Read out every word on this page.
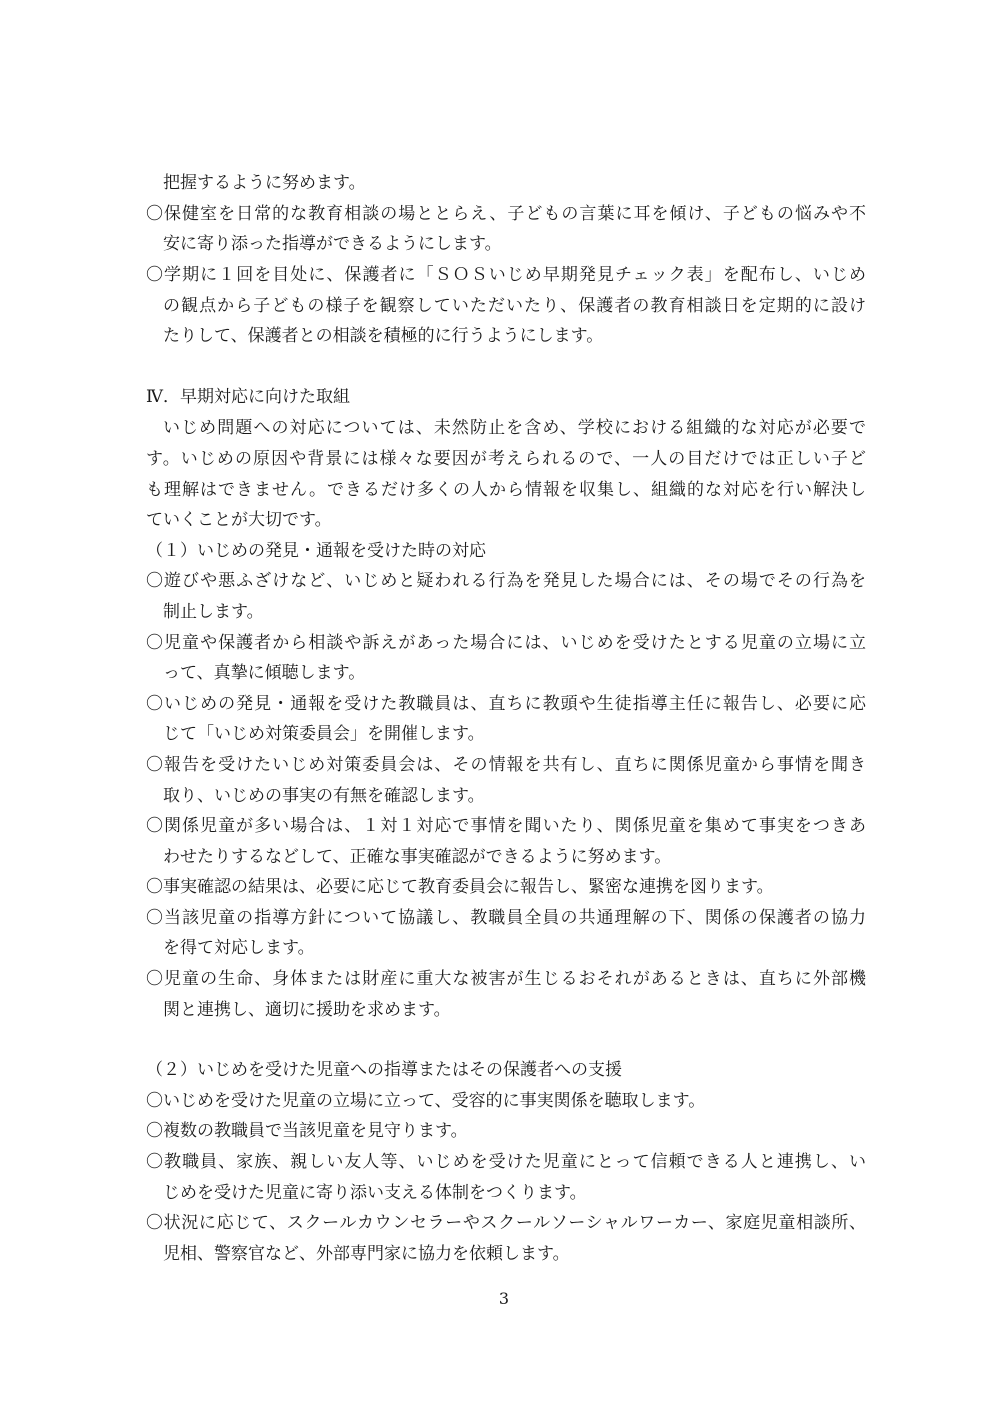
把握するように努めます。
〇保健室を日常的な教育相談の場ととらえ、子どもの言葉に耳を傾け、子どもの悩みや不
安に寄り添った指導ができるようにします。
〇学期に１回を目处に、保護者に「ＳＯＳいじめ早期発見チェック表」を配布し、いじめ
の観点から子どもの様子を観察していただいたり、保護者の教育相談日を定期的に設け
たりして、保護者との相談を積極的に行うようにします。
Ⅳ．早期対応に向けた取組
いじめ問題への対応については、未然防止を含め、学校における組織的な対応が必要で
す。いじめの原因や背景には様々な要因が考えられるので、一人の目だけでは正しい子ど
も理解はできません。できるだけ多くの人から情報を収集し、組織的な対応を行い解決し
ていくことが大切です。
（１）いじめの発見・通報を受けた時の対応
〇遊びや悪ふざけなど、いじめと疑われる行為を発見した場合には、その場でその行為を
制止します。
〇児童や保護者から相談や訴えがあった場合には、いじめを受けたとする児童の立場に立
って、真摯に傾聴します。
〇いじめの発見・通報を受けた教職員は、直ちに教頭や生徒指導主任に報告し、必要に応
じて「いじめ対策委員会」を開催します。
〇報告を受けたいじめ対策委員会は、その情報を共有し、直ちに関係児童から事情を聞き
取り、いじめの事実の有無を確認します。
〇関係児童が多い場合は、１対１対応で事情を聞いたり、関係児童を集めて事実をつきあ
わせたりするなどして、正確な事実確認ができるように努めます。
〇事実確認の結果は、必要に応じて教育委員会に報告し、緊密な連携を図ります。
〇当該児童の指導方針について協議し、教職員全員の共通理解の下、関係の保護者の協力
を得て対応します。
〇児童の生命、身体または財産に重大な被害が生じるおそれがあるときは、直ちに外部機
関と連携し、適切に援助を求めます。
（２）いじめを受けた児童への指導またはその保護者への支援
〇いじめを受けた児童の立場に立って、受容的に事実関係を聴取します。
〇複数の教職員で当該児童を見守ります。
〇教職員、家族、親しい友人等、いじめを受けた児童にとって信頼できる人と連携し、い
じめを受けた児童に寄り添い支える体制をつくります。
〇状況に応じて、スクールカウンセラーやスクールソーシャルワーカー、家庭児童相談所、
児相、警察官など、外部専門家に協力を依頼します。
3
